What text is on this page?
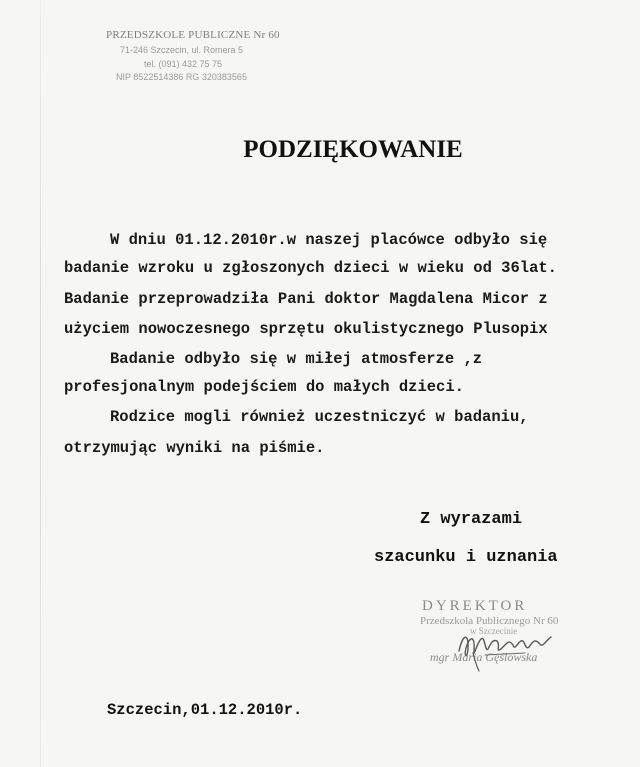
PRZEDSZKOLE PUBLICZNE Nr 60
71-246 Szczecin, ul. Romera 5
tel. (091) 432 75 75
NIP 8522514386 RG 320383565
PODZIĘKOWANIE
W dniu 01.12.2010r.w naszej placówce odbyło się
badanie wzroku u zgłoszonych dzieci w wieku od 36lat.
Badanie przeprowadziła Pani doktor Magdalena Micor z
użyciem nowoczesnego sprzętu okulistycznego Plusopix
Badanie odbyło się w miłej atmosferze ,z
profesjonalnym podejściem do małych dzieci.
Rodzice mogli również uczestniczyć w badaniu,
otrzymując wyniki na piśmie.
Z wyrazami
szacunku i uznania
DYREKTOR
Przedszkola Publicznego Nr 60
w Szczecinie
mgr Maria Gęślowska
Szczecin,01.12.2010r.
